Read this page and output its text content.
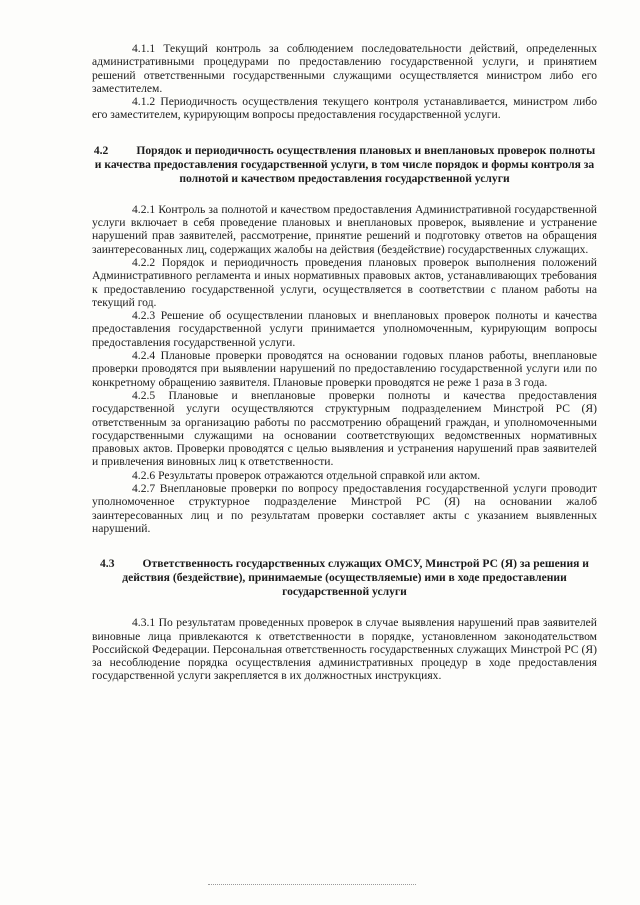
4.1.1 Текущий контроль за соблюдением последовательности действий, определенных административными процедурами по предоставлению государственной услуги, и принятием решений ответственными государственными служащими осуществляется министром либо его заместителем.

4.1.2 Периодичность осуществления текущего контроля устанавливается, министром либо его заместителем, курирующим вопросы предоставления государственной услуги.

4.2 Порядок и периодичность осуществления плановых и внеплановых проверок полноты и качества предоставления государственной услуги, в том числе порядок и формы контроля за полнотой и качеством предоставления государственной услуги

4.2.1 Контроль за полнотой и качеством предоставления Административной государственной услуги включает в себя проведение плановых и внеплановых проверок, выявление и устранение нарушений прав заявителей, рассмотрение, принятие решений и подготовку ответов на обращения заинтересованных лиц, содержащих жалобы на действия (бездействие) государственных служащих.

4.2.2 Порядок и периодичность проведения плановых проверок выполнения положений Административного регламента и иных нормативных правовых актов, устанавливающих требования к предоставлению государственной услуги, осуществляется в соответствии с планом работы на текущий год.

4.2.3 Решение об осуществлении плановых и внеплановых проверок полноты и качества предоставления государственной услуги принимается уполномоченным, курирующим вопросы предоставления государственной услуги.

4.2.4 Плановые проверки проводятся на основании годовых планов работы, внеплановые проверки проводятся при выявлении нарушений по предоставлению государственной услуги или по конкретному обращению заявителя. Плановые проверки проводятся не реже 1 раза в 3 года.

4.2.5 Плановые и внеплановые проверки полноты и качества предоставления государственной услуги осуществляются структурным подразделением Минстрой РС (Я) ответственным за организацию работы по рассмотрению обращений граждан, и уполномоченными государственными служащими на основании соответствующих ведомственных нормативных правовых актов. Проверки проводятся с целью выявления и устранения нарушений прав заявителей и привлечения виновных лиц к ответственности.

4.2.6 Результаты проверок отражаются отдельной справкой или актом.

4.2.7 Внеплановые проверки по вопросу предоставления государственной услуги проводит уполномоченное структурное подразделение Минстрой РС (Я) на основании жалоб заинтересованных лиц и по результатам проверки составляет акты с указанием выявленных нарушений.

4.3 Ответственность государственных служащих ОМСУ, Минстрой РС (Я) за решения и действия (бездействие), принимаемые (осуществляемые) ими в ходе предоставлении государственной услуги

4.3.1 По результатам проведенных проверок в случае выявления нарушений прав заявителей виновные лица привлекаются к ответственности в порядке, установленном законодательством Российской Федерации. Персональная ответственность государственных служащих Минстрой РС (Я) за несоблюдение порядка осуществления административных процедур в ходе предоставления государственной услуги закрепляется в их должностных инструкциях.
